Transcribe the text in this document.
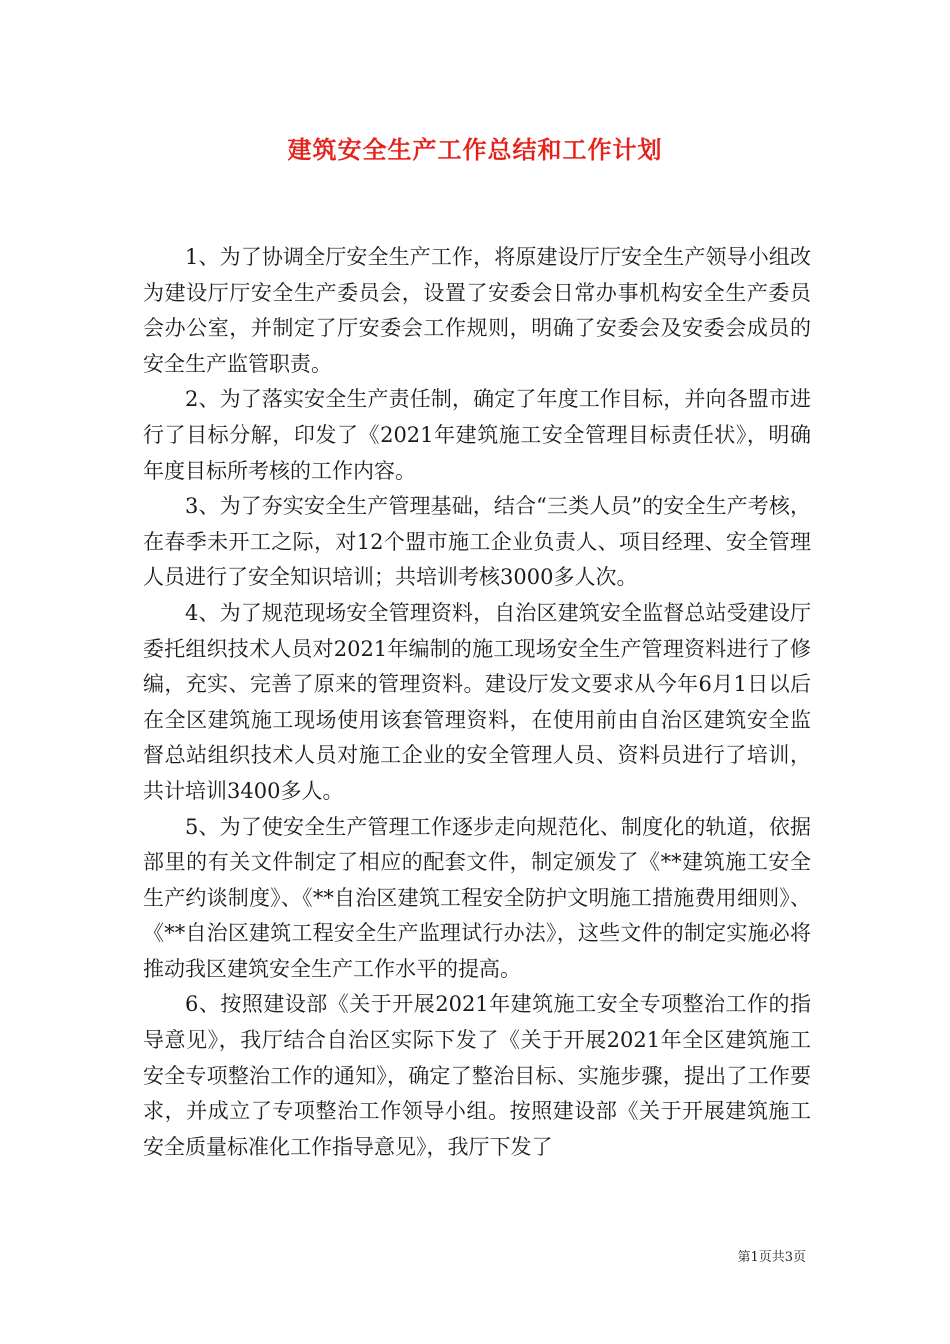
建筑安全生产工作总结和工作计划

1、为了协调全厅安全生产工作，将原建设厅厅安全生产领导小组改为建设厅厅安全生产委员会，设置了安委会日常办事机构安全生产委员会办公室，并制定了厅安委会工作规则，明确了安委会及安委会成员的安全生产监管职责。

2、为了落实安全生产责任制，确定了年度工作目标，并向各盟市进行了目标分解，印发了《2021年建筑施工安全管理目标责任状》，明确年度目标所考核的工作内容。

3、为了夯实安全生产管理基础，结合“三类人员”的安全生产考核，在春季未开工之际，对12个盟市施工企业负责人、项目经理、安全管理人员进行了安全知识培训；共培训考核3000多人次。

4、为了规范现场安全管理资料，自治区建筑安全监督总站受建设厅委托组织技术人员对2021年编制的施工现场安全生产管理资料进行了修编，充实、完善了原来的管理资料。建设厅发文要求从今年6月1日以后在全区建筑施工现场使用该套管理资料，在使用前由自治区建筑安全监督总站组织技术人员对施工企业的安全管理人员、资料员进行了培训，共计培训3400多人。

5、为了使安全生产管理工作逐步走向规范化、制度化的轨道，依据部里的有关文件制定了相应的配套文件，制定颁发了《**建筑施工安全生产约谈制度》、《**自治区建筑工程安全防护文明施工措施费用细则》、《**自治区建筑工程安全生产监理试行办法》，这些文件的制定实施必将推动我区建筑安全生产工作水平的提高。

6、按照建设部《关于开展2021年建筑施工安全专项整治工作的指导意见》，我厅结合自治区实际下发了《关于开展2021年全区建筑施工安全专项整治工作的通知》，确定了整治目标、实施步骤，提出了工作要求，并成立了专项整治工作领导小组。按照建设部《关于开展建筑施工安全质量标准化工作指导意见》，我厅下发了

第1页共3页
